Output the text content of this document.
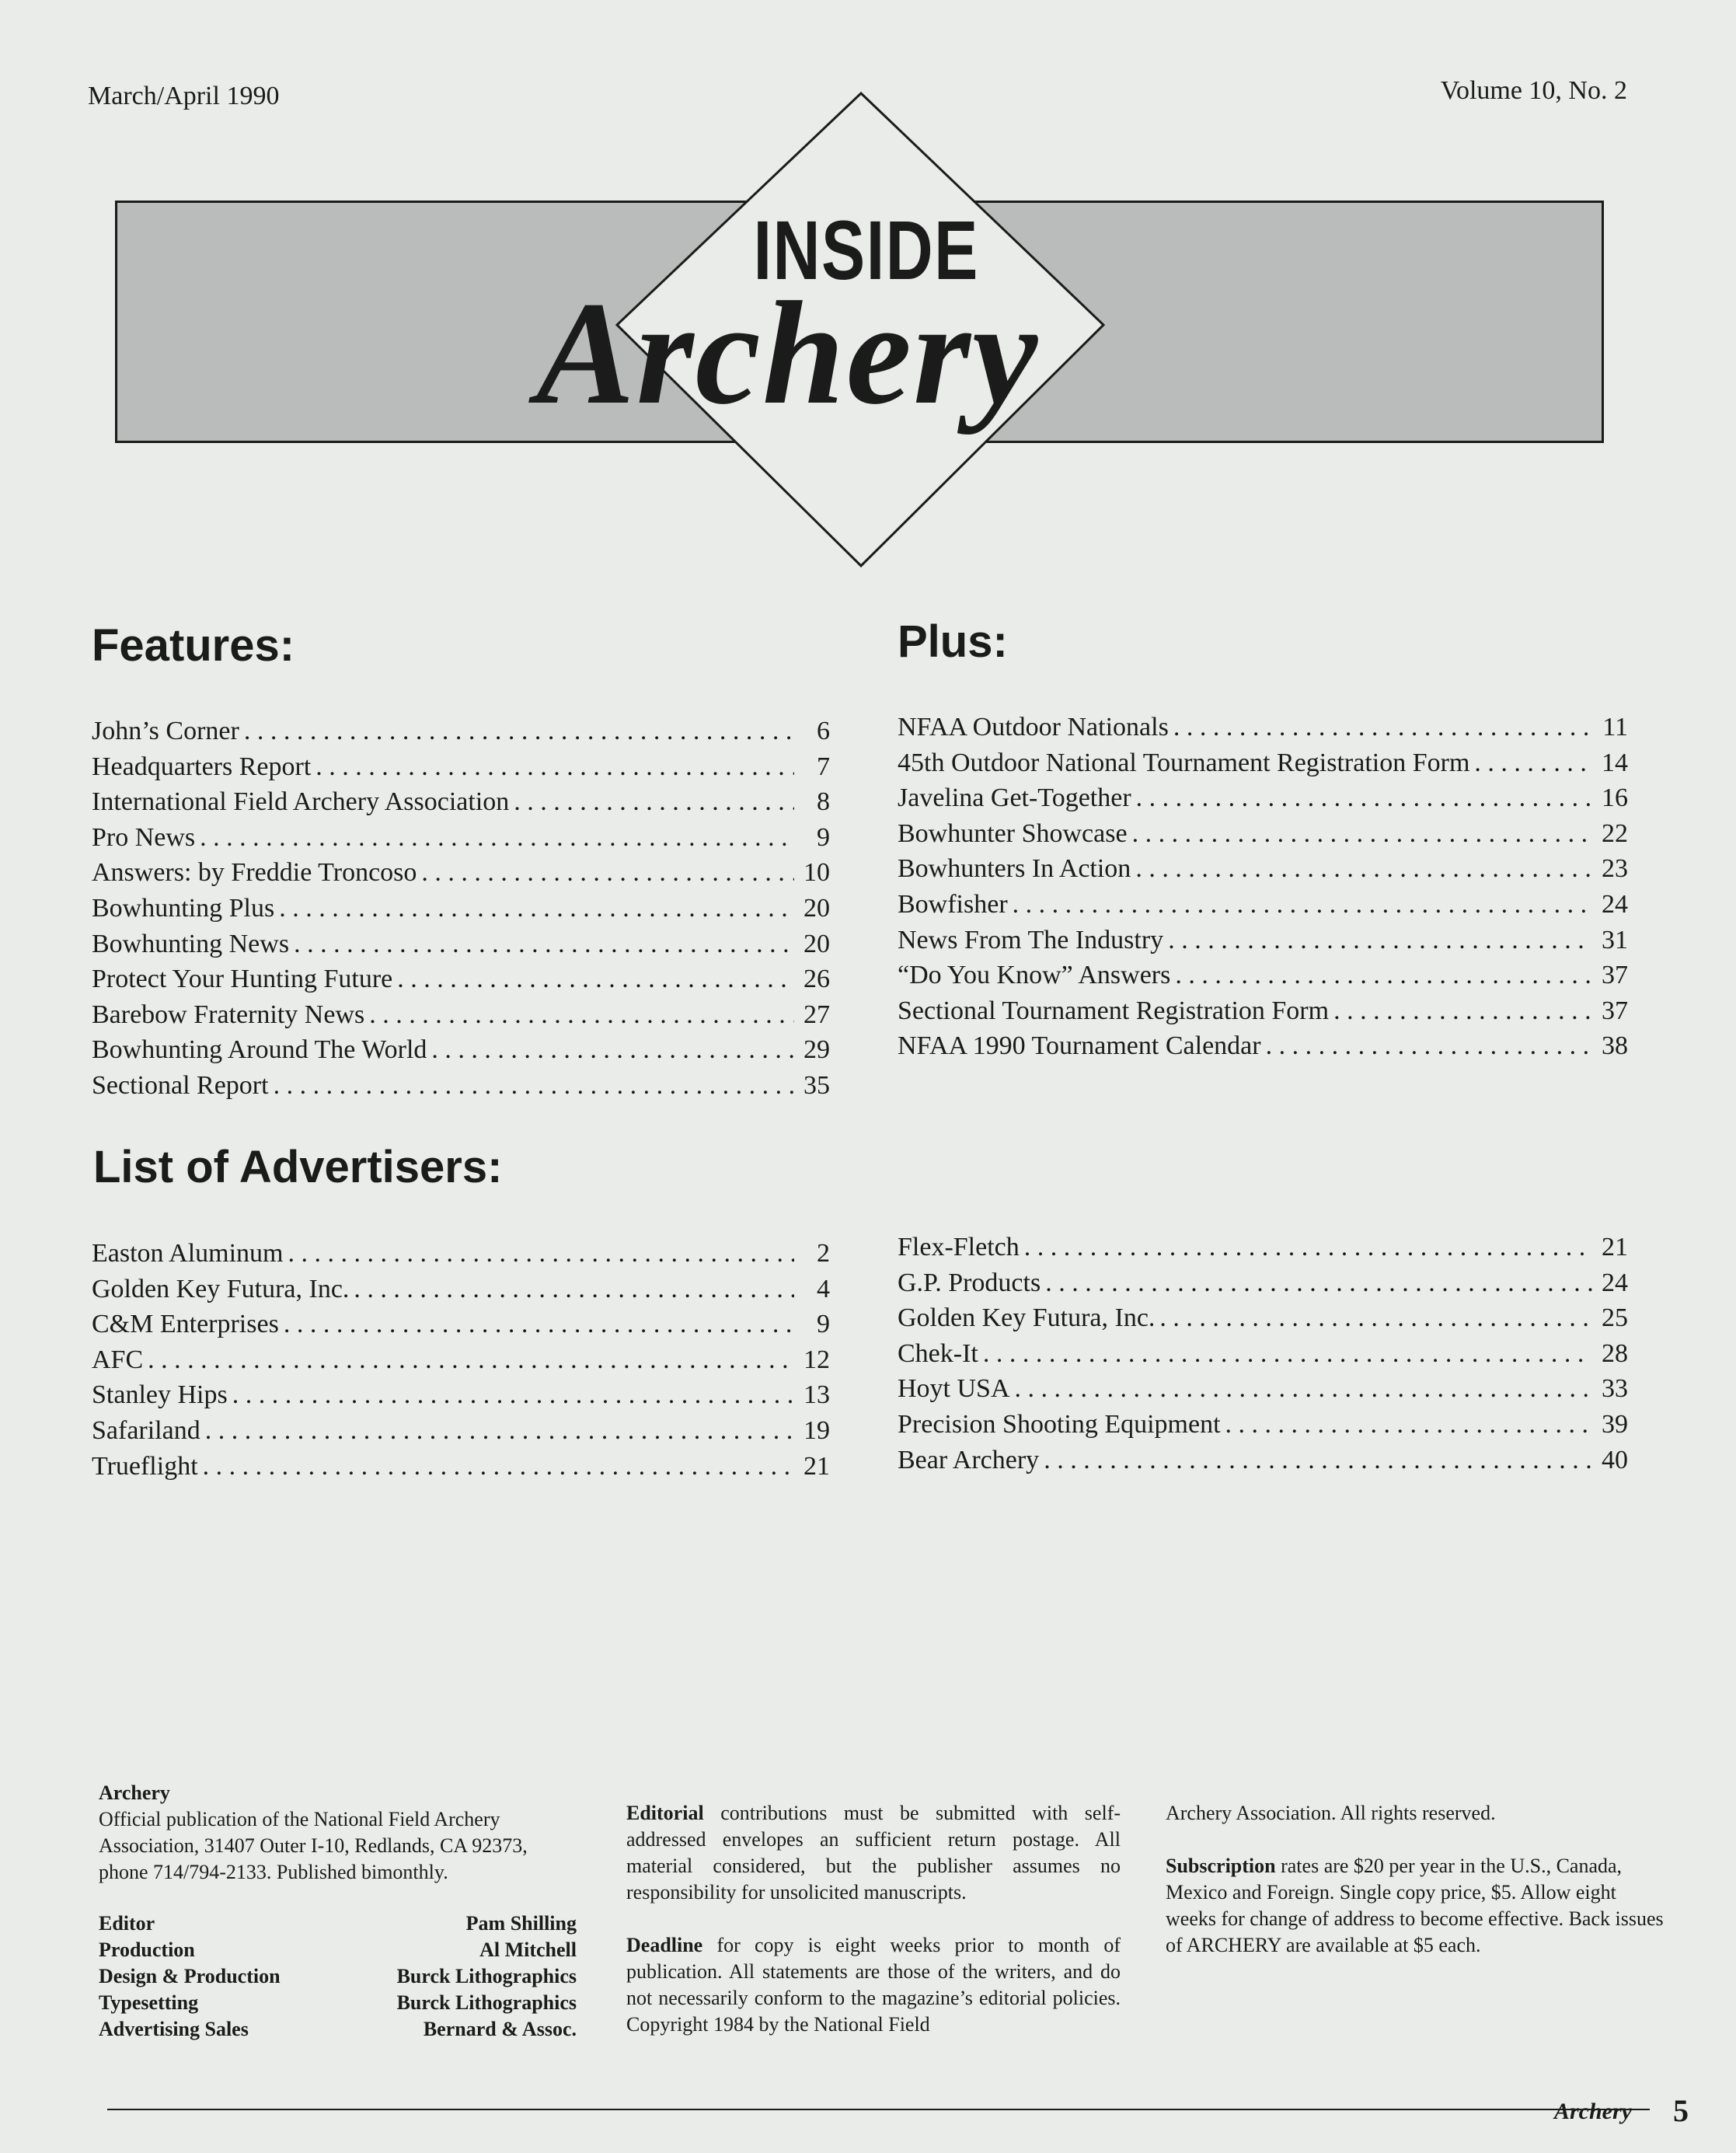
March/April 1990	Volume 10, No. 2
INSIDE
Archery
Features:	Plus:
List of Advertisers:
John’s Corner . . .	6
Headquarters Report . . .	7
International Field Archery Association . . .	8
Pro News . . .	9
Answers: by Freddie Troncoso . . .	10
Bowhunting Plus . . .	20
Bowhunting News . . .	20
Protect Your Hunting Future . . .	26
Barebow Fraternity News . . .	27
Bowhunting Around The World . . .	29
Sectional Report . . .	35
NFAA Outdoor Nationals . . .	11
45th Outdoor National Tournament Registration Form . . .	14
Javelina Get-Together . . .	16
Bowhunter Showcase . . .	22
Bowhunters In Action . . .	23
Bowfisher . . .	24
News From The Industry . . .	31
“Do You Know” Answers . . .	37
Sectional Tournament Registration Form . . .	37
NFAA 1990 Tournament Calendar . . .	38
Easton Aluminum . . .	2
Golden Key Futura, Inc. . . .	4
C&M Enterprises . . .	9
AFC . . .	12
Stanley Hips . . .	13
Safariland . . .	19
Trueflight . . .	21
Flex-Fletch . . .	21
G.P. Products . . .	24
Golden Key Futura, Inc. . . .	25
Chek-It . . .	28
Hoyt USA . . .	33
Precision Shooting Equipment . . .	39
Bear Archery . . .	40
Archery

Official publication of the National Field Archery Association, 31407 Outer I-10, Redlands, CA 92373, phone 714/794-2133. Published bimonthly.

Editor	Pam Shilling
Production	Al Mitchell
Design & Production	Burck Lithographics
Typesetting	Burck Lithographics
Advertising Sales	Bernard & Assoc.

Editorial contributions must be submitted with self-addressed envelopes an sufficient return postage. All material considered, but the publisher assumes no responsibility for unsolicited manuscripts.

Deadline for copy is eight weeks prior to month of publication. All statements are those of the writers, and do not necessarily conform to the magazine’s editorial policies. Copyright 1984 by the National Field

Archery Association. All rights reserved.

Subscription rates are $20 per year in the U.S., Canada, Mexico and Foreign. Single copy price, $5. Allow eight weeks for change of address to become effective. Back issues of ARCHERY are available at $5 each.

Archery 5
